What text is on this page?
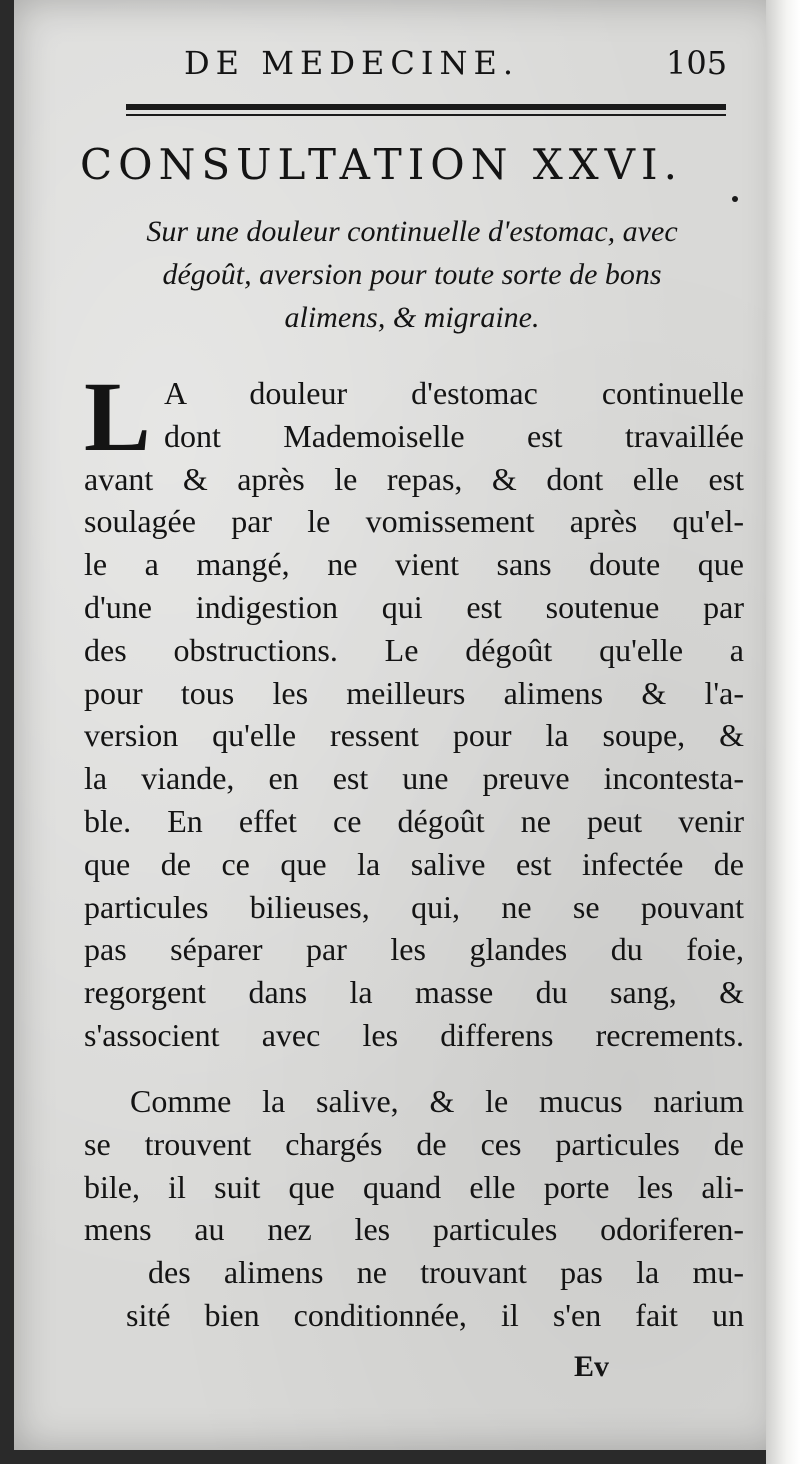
DE MEDECINE.	105
CONSULTATION XXVI.
Sur une douleur continuelle d'estomac, avec
dégoût, aversion pour toute sorte de bons
alimens, & migraine.
L A douleur d'estomac continuelle
dont Mademoiselle est travaillée
avant & après le repas, & dont elle est
soulagée par le vomissement après qu'el-
le a mangé, ne vient sans doute que
d'une indigestion qui est soutenue par
des obstructions. Le dégoût qu'elle a
pour tous les meilleurs alimens & l'a-
version qu'elle ressent pour la soupe, &
la viande, en est une preuve incontesta-
ble. En effet ce dégoût ne peut venir
que de ce que la salive est infectée de
particules bilieuses, qui, ne se pouvant
pas séparer par les glandes du foie,
regorgent dans la masse du sang, &
s'associent avec les differens recrements.
Comme la salive, & le mucus narium
se trouvent chargés de ces particules de
bile, il suit que quand elle porte les ali-
mens au nez les particules odoriferen-
des alimens ne trouvant pas la mu-
sité bien conditionnée, il s'en fait un
Ev
